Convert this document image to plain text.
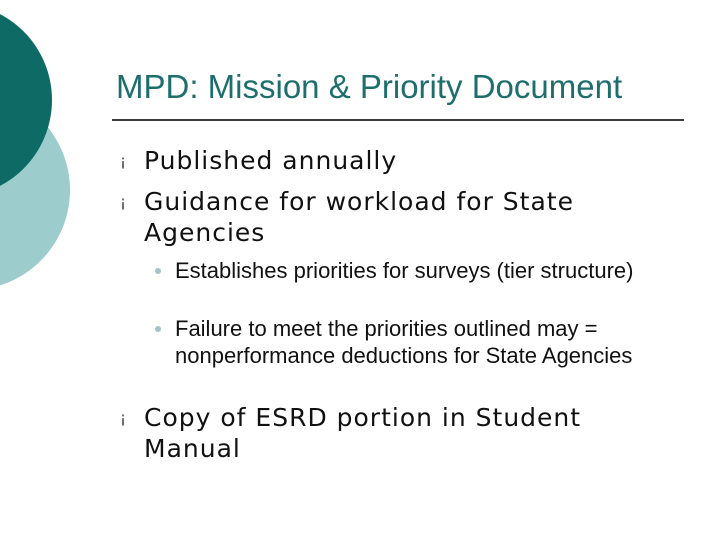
MPD: Mission & Priority Document
¡ Published annually
¡ Guidance for workload for State Agencies
Establishes priorities for surveys (tier structure)
Failure to meet the priorities outlined may = nonperformance deductions for State Agencies
¡ Copy of ESRD portion in Student Manual
